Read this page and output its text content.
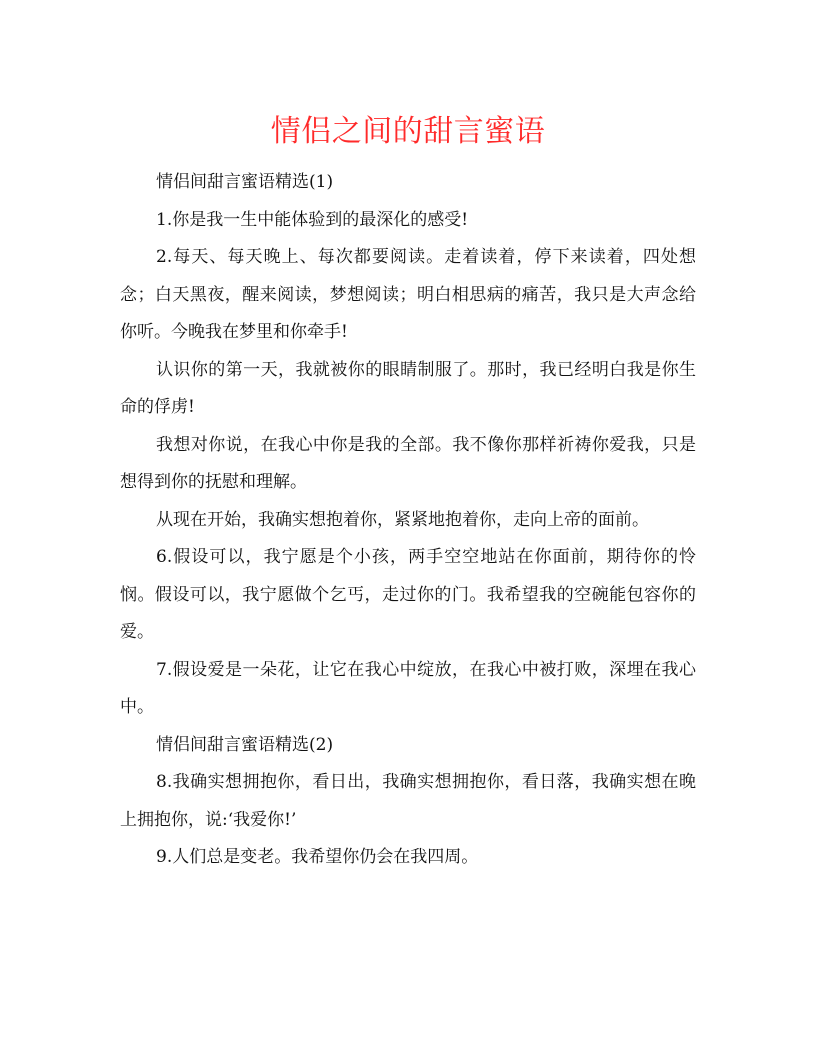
情侣之间的甜言蜜语

情侣间甜言蜜语精选(1)

1.你是我一生中能体验到的最深化的感受!

2.每天、每天晚上、每次都要阅读。走着读着，停下来读着，四处想念；白天黑夜，醒来阅读，梦想阅读；明白相思病的痛苦，我只是大声念给你听。今晚我在梦里和你牵手!

认识你的第一天，我就被你的眼睛制服了。那时，我已经明白我是你生命的俘虏!

我想对你说，在我心中你是我的全部。我不像你那样祈祷你爱我，只是想得到你的抚慰和理解。

从现在开始，我确实想抱着你，紧紧地抱着你，走向上帝的面前。

6.假设可以，我宁愿是个小孩，两手空空地站在你面前，期待你的怜悯。假设可以，我宁愿做个乞丐，走过你的门。我希望我的空碗能包容你的爱。

7.假设爱是一朵花，让它在我心中绽放，在我心中被打败，深埋在我心中。

情侣间甜言蜜语精选(2)

8.我确实想拥抱你，看日出，我确实想拥抱你，看日落，我确实想在晚上拥抱你，说:‘我爱你!’

9.人们总是变老。我希望你仍会在我四周。
